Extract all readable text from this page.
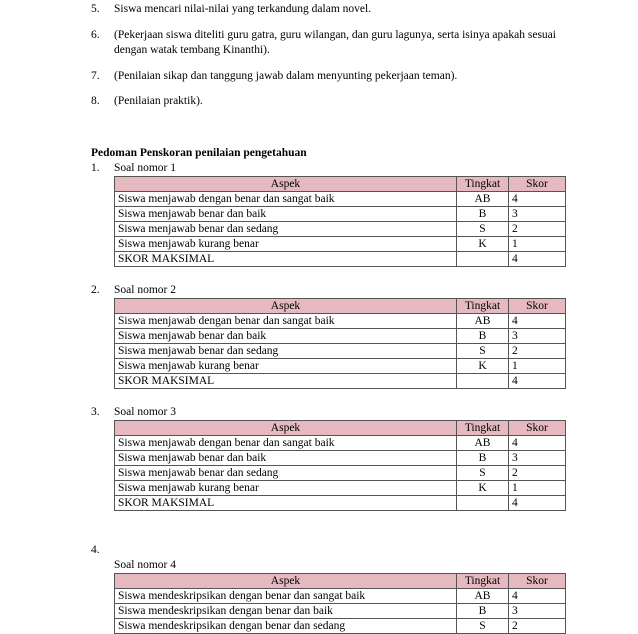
5.	Siswa mencari nilai-nilai yang terkandung dalam novel.
6.	(Pekerjaan siswa diteliti guru gatra, guru wilangan, dan guru lagunya, serta isinya apakah sesuai dengan watak tembang Kinanthi).
7.	(Penilaian sikap dan tanggung jawab dalam menyunting pekerjaan teman).
8.	(Penilaian praktik).
Pedoman Penskoran penilaian pengetahuan
1.	Soal nomor 1
Aspek	Tingkat	Skor
Siswa menjawab dengan benar dan sangat baik	AB	4
Siswa menjawab benar dan baik	B	3
Siswa menjawab benar dan sedang	S	2
Siswa menjawab kurang benar	K	1
SKOR MAKSIMAL		4
2.	Soal nomor 2
Aspek	Tingkat	Skor
Siswa menjawab dengan benar dan sangat baik	AB	4
Siswa menjawab benar dan baik	B	3
Siswa menjawab benar dan sedang	S	2
Siswa menjawab kurang benar	K	1
SKOR MAKSIMAL		4
3.	Soal nomor 3
Aspek	Tingkat	Skor
Siswa menjawab dengan benar dan sangat baik	AB	4
Siswa menjawab benar dan baik	B	3
Siswa menjawab benar dan sedang	S	2
Siswa menjawab kurang benar	K	1
SKOR MAKSIMAL		4
4.
Soal nomor 4
Aspek	Tingkat	Skor
Siswa mendeskripsikan dengan benar dan sangat baik	AB	4
Siswa mendeskripsikan dengan benar dan baik	B	3
Siswa mendeskripsikan dengan benar dan sedang	S	2
